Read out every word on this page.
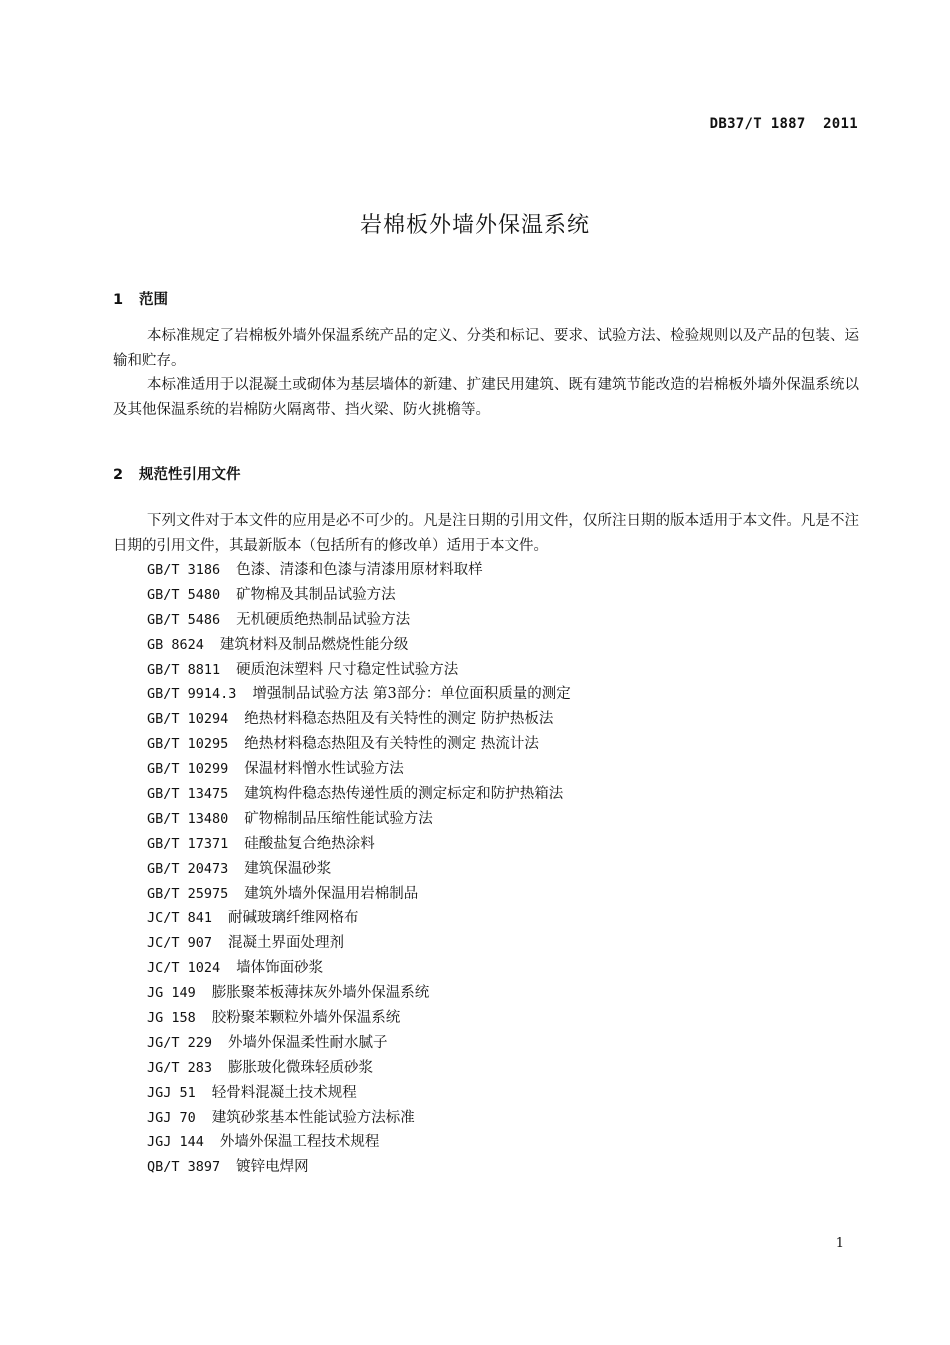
DB37/T 1887  2011
岩棉板外墙外保温系统
1 范围

本标准规定了岩棉板外墙外保温系统产品的定义、分类和标记、要求、试验方法、检验规则以及产品的包装、运输和贮存。

本标准适用于以混凝土或砌体为基层墙体的新建、扩建民用建筑、既有建筑节能改造的岩棉板外墙外保温系统以及其他保温系统的岩棉防火隔离带、挡火梁、防火挑檐等。

2 规范性引用文件

下列文件对于本文件的应用是必不可少的。凡是注日期的引用文件，仅所注日期的版本适用于本文件。凡是不注日期的引用文件，其最新版本（包括所有的修改单）适用于本文件。

GB/T 3186 色漆、清漆和色漆与清漆用原材料取样
GB/T 5480 矿物棉及其制品试验方法
GB/T 5486 无机硬质绝热制品试验方法
GB 8624 建筑材料及制品燃烧性能分级
GB/T 8811 硬质泡沫塑料 尺寸稳定性试验方法
GB/T 9914.3 增强制品试验方法 第3部分：单位面积质量的测定
GB/T 10294 绝热材料稳态热阻及有关特性的测定 防护热板法
GB/T 10295 绝热材料稳态热阻及有关特性的测定 热流计法
GB/T 10299 保温材料憎水性试验方法
GB/T 13475 建筑构件稳态热传递性质的测定标定和防护热箱法
GB/T 13480 矿物棉制品压缩性能试验方法
GB/T 17371 硅酸盐复合绝热涂料
GB/T 20473 建筑保温砂浆
GB/T 25975 建筑外墙外保温用岩棉制品
JC/T 841 耐碱玻璃纤维网格布
JC/T 907 混凝土界面处理剂
JC/T 1024 墙体饰面砂浆
JG 149 膨胀聚苯板薄抹灰外墙外保温系统
JG 158 胶粉聚苯颗粒外墙外保温系统
JG/T 229 外墙外保温柔性耐水腻子
JG/T 283 膨胀玻化微珠轻质砂浆
JGJ 51 轻骨料混凝土技术规程
JGJ 70 建筑砂浆基本性能试验方法标准
JGJ 144 外墙外保温工程技术规程
QB/T 3897 镀锌电焊网
1
